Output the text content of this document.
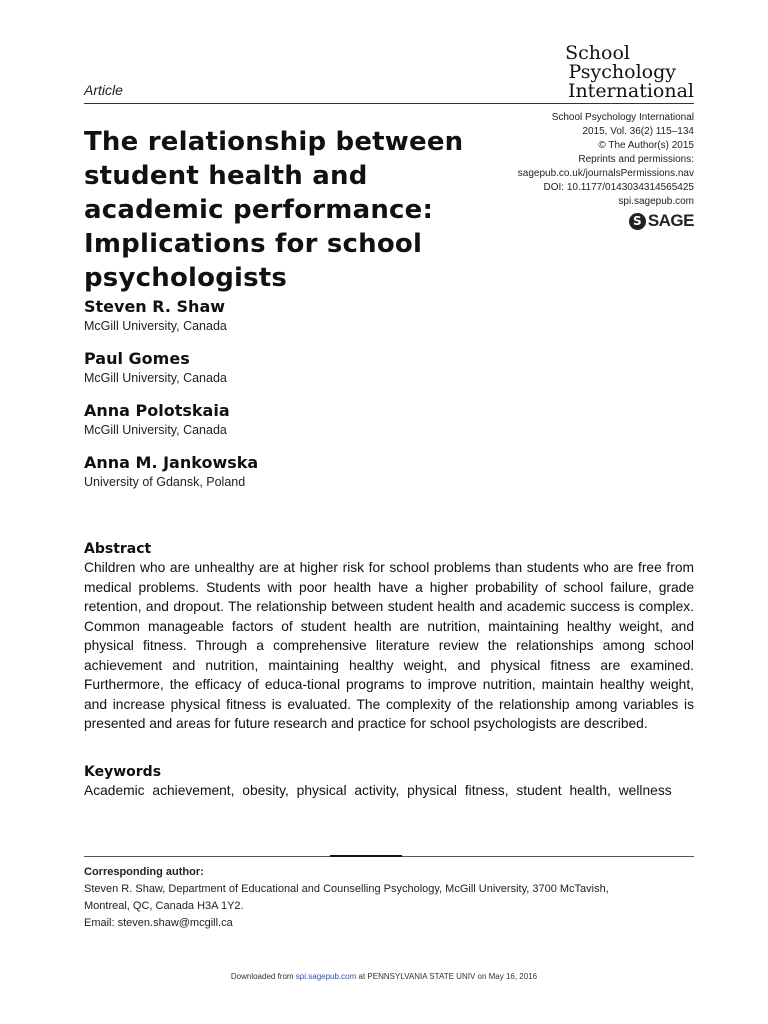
Article
School
Psychology
International
School Psychology International
2015, Vol. 36(2) 115–134
© The Author(s) 2015
Reprints and permissions:
sagepub.co.uk/journalsPermissions.nav
DOI: 10.1177/0143034314565425
spi.sagepub.com
S SAGE
The relationship between student health and academic performance: Implications for school psychologists
Steven R. Shaw
McGill University, Canada
Paul Gomes
McGill University, Canada
Anna Polotskaia
McGill University, Canada
Anna M. Jankowska
University of Gdansk, Poland
Abstract

Children who are unhealthy are at higher risk for school problems than students who are free from medical problems. Students with poor health have a higher probability of school failure, grade retention, and dropout. The relationship between student health and academic success is complex. Common manageable factors of student health are nutrition, maintaining healthy weight, and physical fitness. Through a comprehensive literature review the relationships among school achievement and nutrition, maintaining healthy weight, and physical fitness are examined. Furthermore, the efficacy of educa-tional programs to improve nutrition, maintain healthy weight, and increase physical fitness is evaluated. The complexity of the relationship among variables is presented and areas for future research and practice for school psychologists are described.

Keywords

Academic achievement, obesity, physical activity, physical fitness, student health, wellness

Corresponding author:
Steven R. Shaw, Department of Educational and Counselling Psychology, McGill University, 3700 McTavish,
Montreal, QC, Canada H3A 1Y2.
Email: steven.shaw@mcgill.ca
Downloaded from spi.sagepub.com at PENNSYLVANIA STATE UNIV on May 16, 2016
